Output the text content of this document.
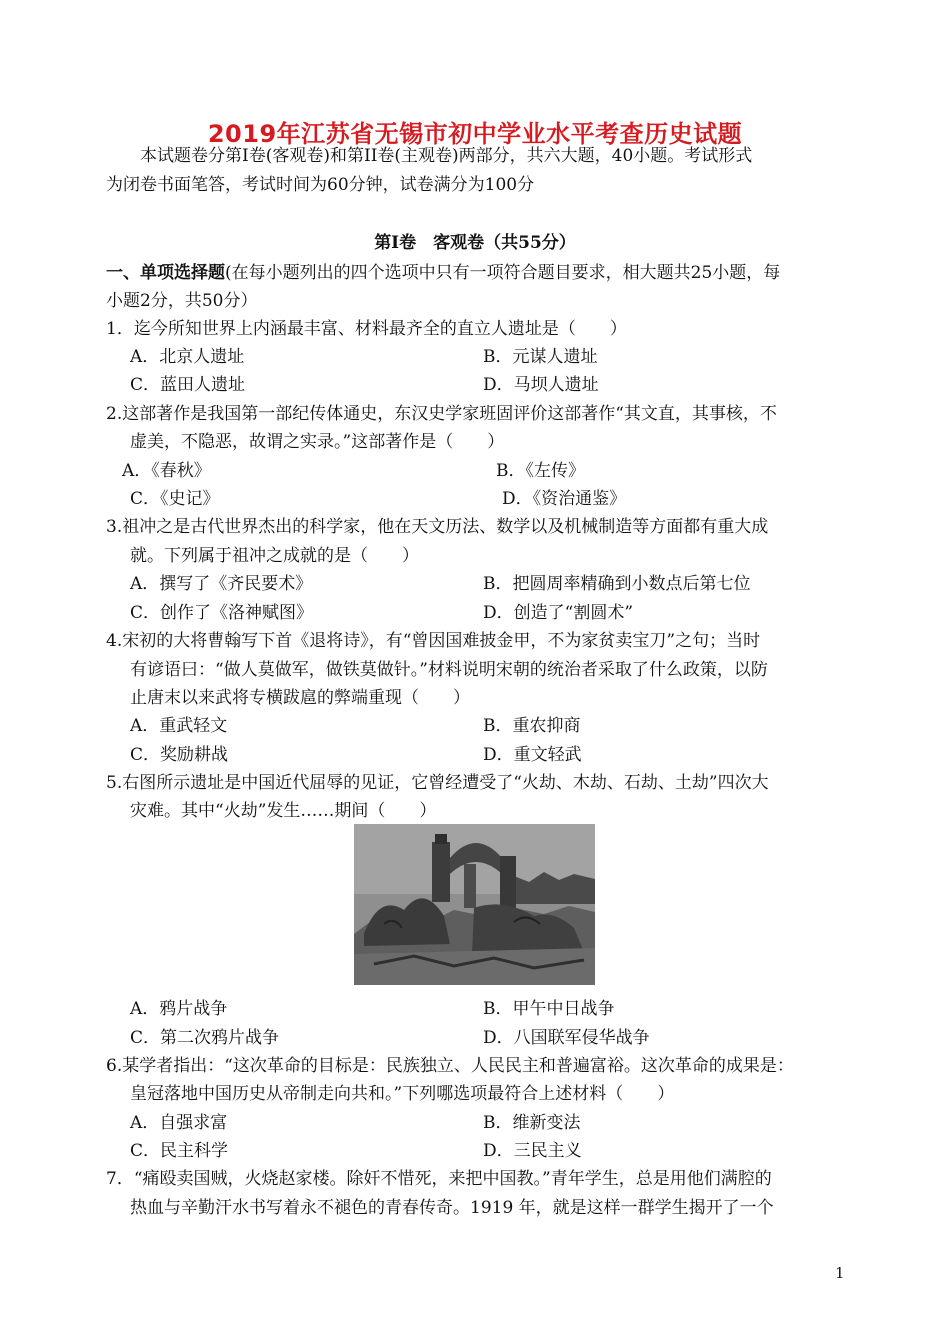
2019年江苏省无锡市初中学业水平考查历史试题
本试题卷分第Ⅰ卷(客观卷)和第II卷(主观卷)两部分，共六大题，40小题。考试形式
为闭卷书面笔答，考试时间为60分钟，试卷满分为100分
第Ⅰ卷　客观卷（共55分）
一、单项选择题(在每小题列出的四个选项中只有一项符合题目要求，相大题共25小题，每
小题2分，共50分）
1．迄今所知世界上内涵最丰富、材料最齐全的直立人遗址是（　　）
A．北京人遗址	B．元谋人遗址
C．蓝田人遗址	D．马坝人遗址
2.这部著作是我国第一部纪传体通史，东汉史学家班固评价这部著作“其文直，其事核，不
虚美，不隐恶，故谓之实录。”这部著作是（　　）
A．《春秋》	B．《左传》
C．《史记》	D．《资治通鉴》
3.祖冲之是古代世界杰出的科学家，他在天文历法、数学以及机械制造等方面都有重大成
就。下列属于祖冲之成就的是（　　）
A．撰写了《齐民要术》	B．把圆周率精确到小数点后第七位
C．创作了《洛神赋图》	D．创造了“割圆术”
4.宋初的大将曹翰写下首《退将诗》，有“曾因国难披金甲，不为家贫卖宝刀”之句；当时
有谚语曰：“做人莫做军，做铁莫做针。”材料说明宋朝的统治者采取了什么政策，以防
止唐末以来武将专横跋扈的弊端重现（　　）
A．重武轻文	B．重农抑商
C．奖励耕战	D．重文轻武
5.右图所示遗址是中国近代屈辱的见证，它曾经遭受了“火劫、木劫、石劫、土劫”四次大
灾难。其中“火劫”发生……期间（　　）
A．鸦片战争	B．甲午中日战争
C．第二次鸦片战争	D．八国联军侵华战争
6.某学者指出：“这次革命的目标是：民族独立、人民民主和普遍富裕。这次革命的成果是：
皇冠落地中国历史从帝制走向共和。”下列哪选项最符合上述材料（　　）
A．自强求富	B．维新变法
C．民主科学	D．三民主义
7．“痛殴卖国贼，火烧赵家楼。除奸不惜死，来把中国教。”青年学生，总是用他们满腔的
热血与辛勤汗水书写着永不褪色的青春传奇。1919 年，就是这样一群学生揭开了一个
1
